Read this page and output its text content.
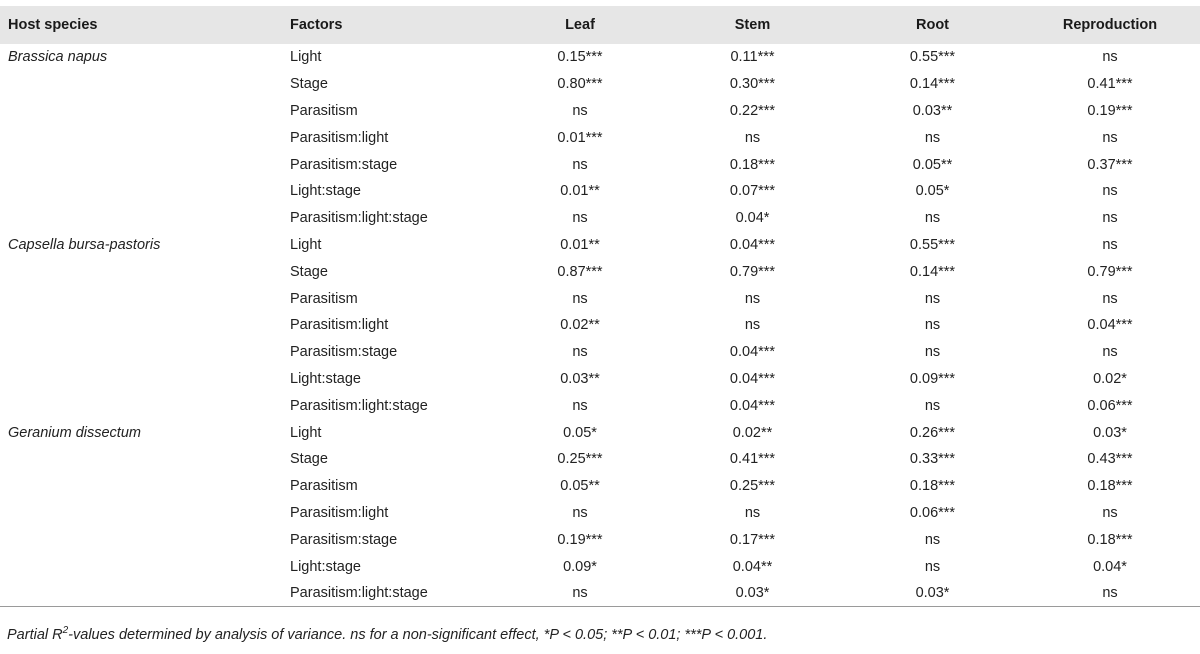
Host species	Factors	Leaf	Stem	Root	Reproduction
Brassica napus	Light	0.15***	0.11***	0.55***	ns
	Stage	0.80***	0.30***	0.14***	0.41***
	Parasitism	ns	0.22***	0.03**	0.19***
	Parasitism:light	0.01***	ns	ns	ns
	Parasitism:stage	ns	0.18***	0.05**	0.37***
	Light:stage	0.01**	0.07***	0.05*	ns
	Parasitism:light:stage	ns	0.04*	ns	ns
Capsella bursa-pastoris	Light	0.01**	0.04***	0.55***	ns
	Stage	0.87***	0.79***	0.14***	0.79***
	Parasitism	ns	ns	ns	ns
	Parasitism:light	0.02**	ns	ns	0.04***
	Parasitism:stage	ns	0.04***	ns	ns
	Light:stage	0.03**	0.04***	0.09***	0.02*
	Parasitism:light:stage	ns	0.04***	ns	0.06***
Geranium dissectum	Light	0.05*	0.02**	0.26***	0.03*
	Stage	0.25***	0.41***	0.33***	0.43***
	Parasitism	0.05**	0.25***	0.18***	0.18***
	Parasitism:light	ns	ns	0.06***	ns
	Parasitism:stage	0.19***	0.17***	ns	0.18***
	Light:stage	0.09*	0.04**	ns	0.04*
	Parasitism:light:stage	ns	0.03*	0.03*	ns
Partial $R^2$-values determined by analysis of variance. ns for a non-significant effect, *P < 0.05; **P < 0.01; ***P < 0.001.
